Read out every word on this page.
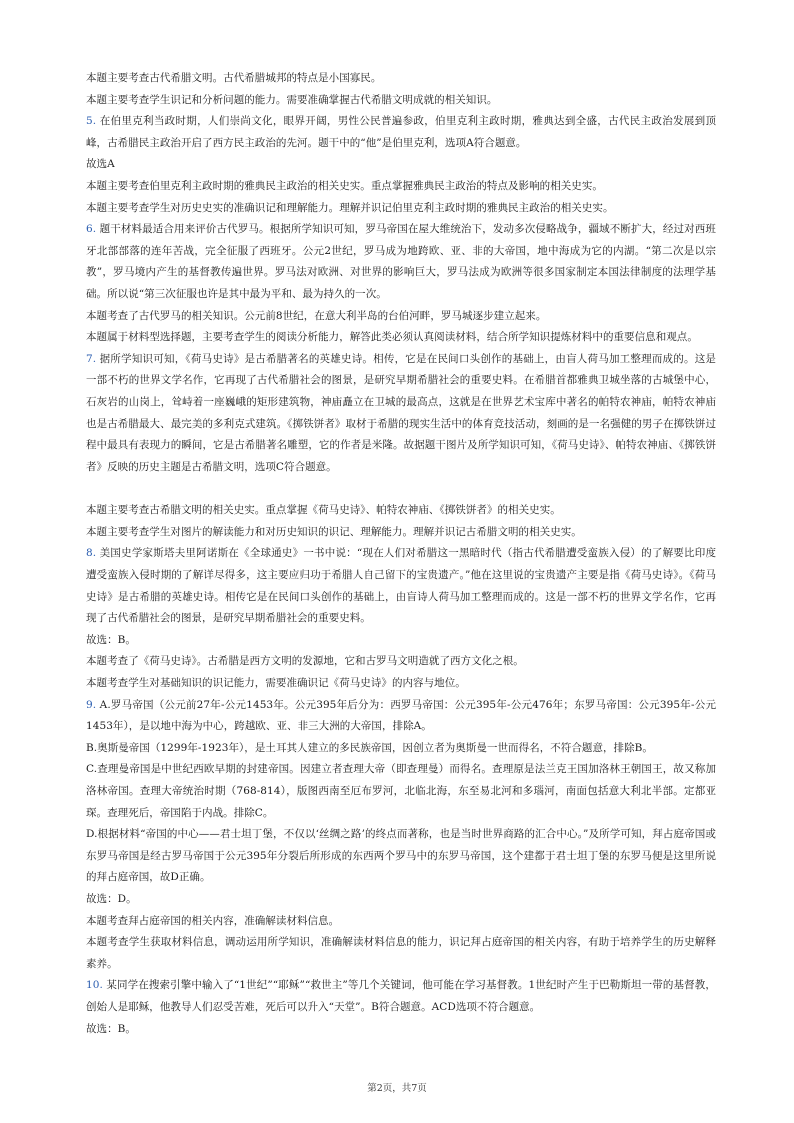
本题主要考查古代希腊文明。古代希腊城邦的特点是小国寡民。

本题主要考查学生识记和分析问题的能力。需要准确掌握古代希腊文明成就的相关知识。

5. 在伯里克利当政时期，人们崇尚文化，眼界开阔，男性公民普遍参政，伯里克利主政时期，雅典达到全盛，古代民主政治发展到顶峰，古希腊民主政治开启了西方民主政治的先河。题干中的“他”是伯里克利，选项A符合题意。

故选A

本题主要考查伯里克利主政时期的雅典民主政治的相关史实。重点掌握雅典民主政治的特点及影响的相关史实。

本题主要考查学生对历史史实的准确识记和理解能力。理解并识记伯里克利主政时期的雅典民主政治的相关史实。

6. 题干材料最适合用来评价古代罗马。根据所学知识可知，罗马帝国在屋大维统治下，发动多次侵略战争，疆域不断扩大，经过对西班牙北部部落的连年苦战，完全征服了西班牙。公元2世纪，罗马成为地跨欧、亚、非的大帝国，地中海成为它的内湖。“第二次是以宗教”，罗马境内产生的基督教传遍世界。罗马法对欧洲、对世界的影响巨大，罗马法成为欧洲等很多国家制定本国法律制度的法理学基础。所以说“第三次征服也许是其中最为平和、最为持久的一次。

本题考查了古代罗马的相关知识。公元前8世纪，在意大利半岛的台伯河畔，罗马城逐步建立起来。

本题属于材料型选择题，主要考查学生的阅读分析能力，解答此类必须认真阅读材料，结合所学知识提炼材料中的重要信息和观点。

7. 据所学知识可知，《荷马史诗》是古希腊著名的英雄史诗。相传，它是在民间口头创作的基础上，由盲人荷马加工整理而成的。这是一部不朽的世界文学名作，它再现了古代希腊社会的图景，是研究早期希腊社会的重要史料。在希腊首都雅典卫城坐落的古城堡中心，石灰岩的山岗上，耸峙着一座巍峨的矩形建筑物，神庙矗立在卫城的最高点，这就是在世界艺术宝库中著名的帕特农神庙，帕特农神庙也是古希腊最大、最完美的多利克式建筑。《掷铁饼者》取材于希腊的现实生活中的体育竞技活动，刻画的是一名强健的男子在掷铁饼过程中最具有表现力的瞬间，它是古希腊著名雕塑，它的作者是米隆。故据题干图片及所学知识可知，《荷马史诗》、帕特农神庙、《掷铁饼者》反映的历史主题是古希腊文明，选项C符合题意。

本题主要考查古希腊文明的相关史实。重点掌握《荷马史诗》、帕特农神庙、《掷铁饼者》的相关史实。

本题主要考查学生对图片的解读能力和对历史知识的识记、理解能力。理解并识记古希腊文明的相关史实。

8. 美国史学家斯塔夫里阿诺斯在《全球通史》一书中说：“现在人们对希腊这一黑暗时代（指古代希腊遭受蛮族入侵）的了解要比印度遭受蛮族入侵时期的了解详尽得多，这主要应归功于希腊人自己留下的宝贵遗产。”他在这里说的宝贵遗产主要是指《荷马史诗》。《荷马史诗》是古希腊的英雄史诗。相传它是在民间口头创作的基础上，由盲诗人荷马加工整理而成的。这是一部不朽的世界文学名作，它再现了古代希腊社会的图景，是研究早期希腊社会的重要史料。

故选：B。

本题考查了《荷马史诗》。古希腊是西方文明的发源地，它和古罗马文明造就了西方文化之根。

本题考查学生对基础知识的识记能力，需要准确识记《荷马史诗》的内容与地位。

9. A.罗马帝国（公元前27年-公元1453年。公元395年后分为：西罗马帝国：公元395年-公元476年；东罗马帝国：公元395年-公元1453年），是以地中海为中心，跨越欧、亚、非三大洲的大帝国，排除A。

B.奥斯曼帝国（1299年-1923年），是土耳其人建立的多民族帝国，因创立者为奥斯曼一世而得名，不符合题意，排除B。

C.查理曼帝国是中世纪西欧早期的封建帝国。因建立者查理大帝（即查理曼）而得名。查理原是法兰克王国加洛林王朝国王，故又称加洛林帝国。查理大帝统治时期（768-814），版图西南至厄布罗河，北临北海，东至易北河和多瑙河，南面包括意大利北半部。定都亚琛。查理死后，帝国陷于内战。排除C。

D.根据材料“帝国的中心——君士坦丁堡，不仅以‘丝绸之路’的终点而著称，也是当时世界商路的汇合中心。”及所学可知，拜占庭帝国或东罗马帝国是经古罗马帝国于公元395年分裂后所形成的东西两个罗马中的东罗马帝国，这个建都于君士坦丁堡的东罗马便是这里所说的拜占庭帝国，故D正确。

故选：D。

本题考查拜占庭帝国的相关内容，准确解读材料信息。

本题考查学生获取材料信息，调动运用所学知识，准确解读材料信息的能力，识记拜占庭帝国的相关内容，有助于培养学生的历史解释素养。

10. 某同学在搜索引擎中输入了“1世纪”“耶稣”“救世主”等几个关键词，他可能在学习基督教。1世纪时产生于巴勒斯坦一带的基督教，创始人是耶稣，他教导人们忍受苦难，死后可以升入“天堂”。B符合题意。ACD选项不符合题意。

故选：B。

第2页，共7页
